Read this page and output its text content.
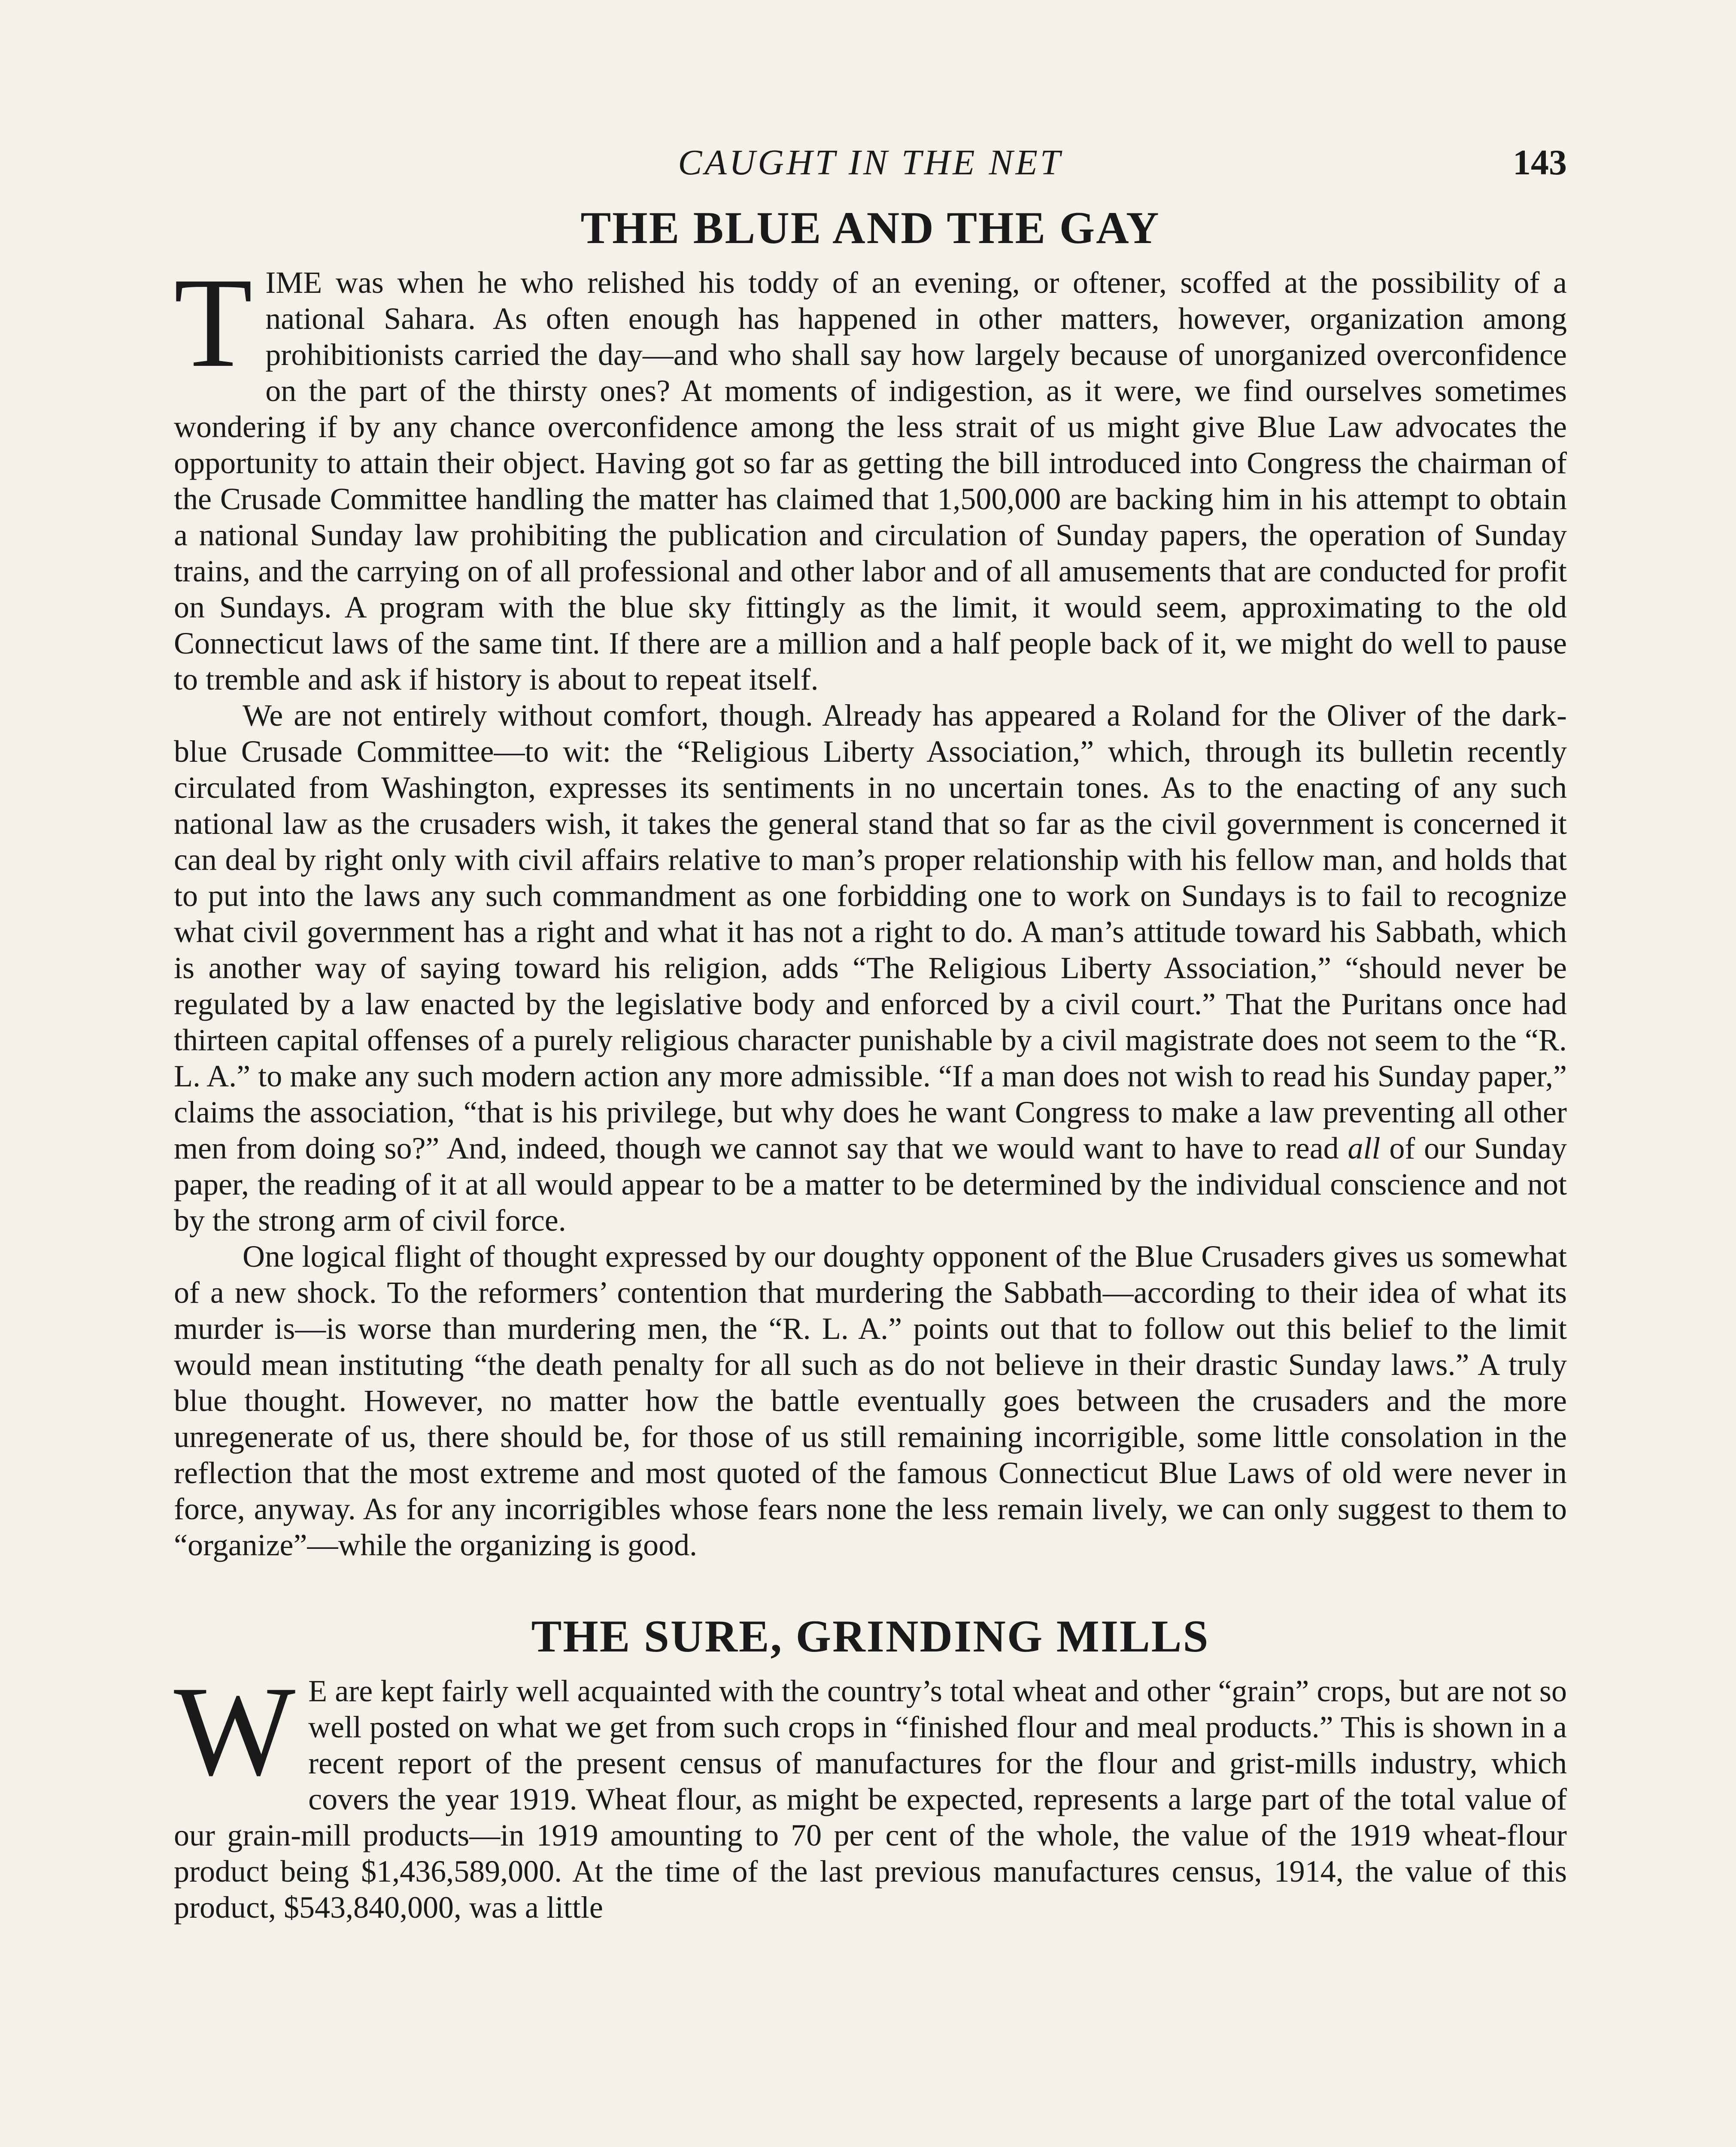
CAUGHT IN THE NET	143
THE BLUE AND THE GAY

TIME was when he who relished his toddy of an evening, or oftener, scoffed at the possibility of a national Sahara. As often enough has happened in other matters, however, organization among prohibitionists carried the day—and who shall say how largely because of unorganized overconfidence on the part of the thirsty ones? At moments of indigestion, as it were, we find ourselves sometimes wondering if by any chance overconfidence among the less strait of us might give Blue Law advocates the opportunity to attain their object. Having got so far as getting the bill introduced into Congress the chairman of the Crusade Committee handling the matter has claimed that 1,500,000 are backing him in his attempt to obtain a national Sunday law prohibiting the publication and circulation of Sunday papers, the operation of Sunday trains, and the carrying on of all professional and other labor and of all amusements that are conducted for profit on Sundays. A program with the blue sky fittingly as the limit, it would seem, approximating to the old Connecticut laws of the same tint. If there are a million and a half people back of it, we might do well to pause to tremble and ask if history is about to repeat itself.

We are not entirely without comfort, though. Already has appeared a Roland for the Oliver of the dark-blue Crusade Committee—to wit: the “Religious Liberty Association,” which, through its bulletin recently circulated from Washington, expresses its sentiments in no uncertain tones. As to the enacting of any such national law as the crusaders wish, it takes the general stand that so far as the civil government is concerned it can deal by right only with civil affairs relative to man’s proper relationship with his fellow man, and holds that to put into the laws any such commandment as one forbidding one to work on Sundays is to fail to recognize what civil government has a right and what it has not a right to do. A man’s attitude toward his Sabbath, which is another way of saying toward his religion, adds “The Religious Liberty Association,” “should never be regulated by a law enacted by the legislative body and enforced by a civil court.” That the Puritans once had thirteen capital offenses of a purely religious character punishable by a civil magistrate does not seem to the “R. L. A.” to make any such modern action any more admissible. “If a man does not wish to read his Sunday paper,” claims the association, “that is his privilege, but why does he want Congress to make a law preventing all other men from doing so?” And, indeed, though we cannot say that we would want to have to read all of our Sunday paper, the reading of it at all would appear to be a matter to be determined by the individual conscience and not by the strong arm of civil force.

One logical flight of thought expressed by our doughty opponent of the Blue Crusaders gives us somewhat of a new shock. To the reformers’ contention that murdering the Sabbath—according to their idea of what its murder is—is worse than murdering men, the “R. L. A.” points out that to follow out this belief to the limit would mean instituting “the death penalty for all such as do not believe in their drastic Sunday laws.” A truly blue thought. However, no matter how the battle eventually goes between the crusaders and the more unregenerate of us, there should be, for those of us still remaining incorrigible, some little consolation in the reflection that the most extreme and most quoted of the famous Connecticut Blue Laws of old were never in force, anyway. As for any incorrigibles whose fears none the less remain lively, we can only suggest to them to “organize”—while the organizing is good.

THE SURE, GRINDING MILLS

W E are kept fairly well acquainted with the country’s total wheat and other “grain” crops, but are not so well posted on what we get from such crops in “finished flour and meal products.” This is shown in a recent report of the present census of manufactures for the flour and grist-mills industry, which covers the year 1919. Wheat flour, as might be expected, represents a large part of the total value of our grain-mill products—in 1919 amounting to 70 per cent of the whole, the value of the 1919 wheat-flour product being $1,436,589,000. At the time of the last previous manufactures census, 1914, the value of this product, $543,840,000, was a little
